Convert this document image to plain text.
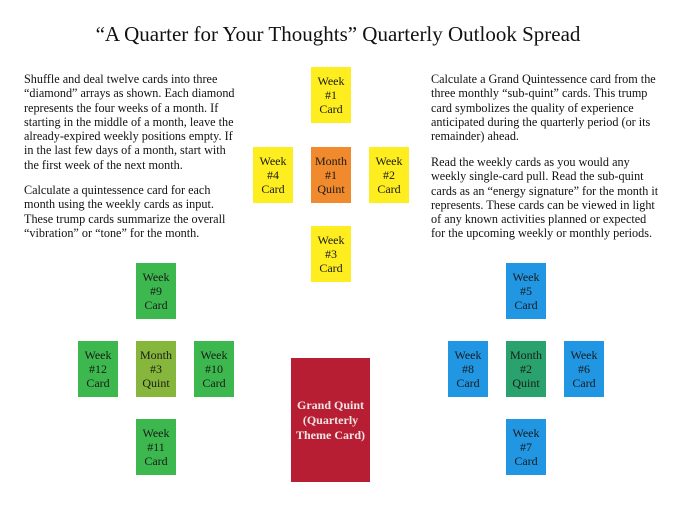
“A Quarter for Your Thoughts” Quarterly Outlook Spread
Shuffle and deal twelve cards into three
“diamond” arrays as shown. Each diamond
represents the four weeks of a month. If
starting in the middle of a month, leave the
already-expired weekly positions empty. If
in the last few days of a month, start with
the first week of the next month.
Calculate a quintessence card for each
month using the weekly cards as input.
These trump cards summarize the overall
“vibration” or “tone” for the month.
Calculate a Grand Quintessence card from the
three monthly “sub-quint” cards. This trump
card symbolizes the quality of experience
anticipated during the quarterly period (or its
remainder) ahead.
Read the weekly cards as you would any
weekly single-card pull. Read the sub-quint
cards as an “energy signature” for the month it
represents. These cards can be viewed in light
of any known activities planned or expected
for the upcoming weekly or monthly periods.
Week
#1
Card
Week
#4
Card
Month
#1
Quint
Week
#2
Card
Week
#3
Card
Week
#9
Card
Week
#12
Card
Month
#3
Quint
Week
#10
Card
Week
#11
Card
Grand Quint
(Quarterly
Theme Card)
Week
#5
Card
Week
#8
Card
Month
#2
Quint
Week
#6
Card
Week
#7
Card
